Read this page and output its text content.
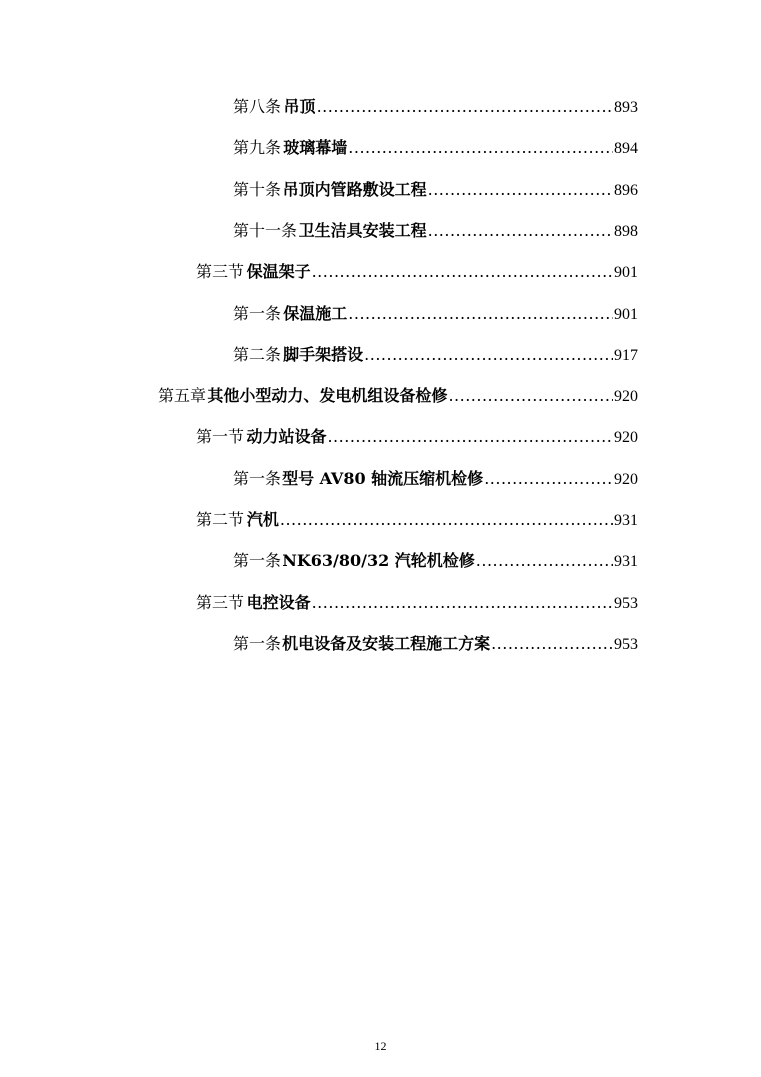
第八条 吊顶 .....	893
第九条 玻璃幕墙 .....	894
第十条 吊顶内管路敷设工程 .....	896
第十一条 卫生洁具安装工程 .....	898
第三节 保温架子 .....	901
第一条 保温施工 .....	901
第二条 脚手架搭设 .....	917
第五章 其他小型动力、发电机组设备检修 .....	920
第一节 动力站设备 .....	920
第一条 型号 AV80 轴流压缩机检修 .....	920
第二节 汽机 .....	931
第一条 NK63/80/32 汽轮机检修 .....	931
第三节 电控设备 .....	953
第一条 机电设备及安装工程施工方案 .....	953
12
